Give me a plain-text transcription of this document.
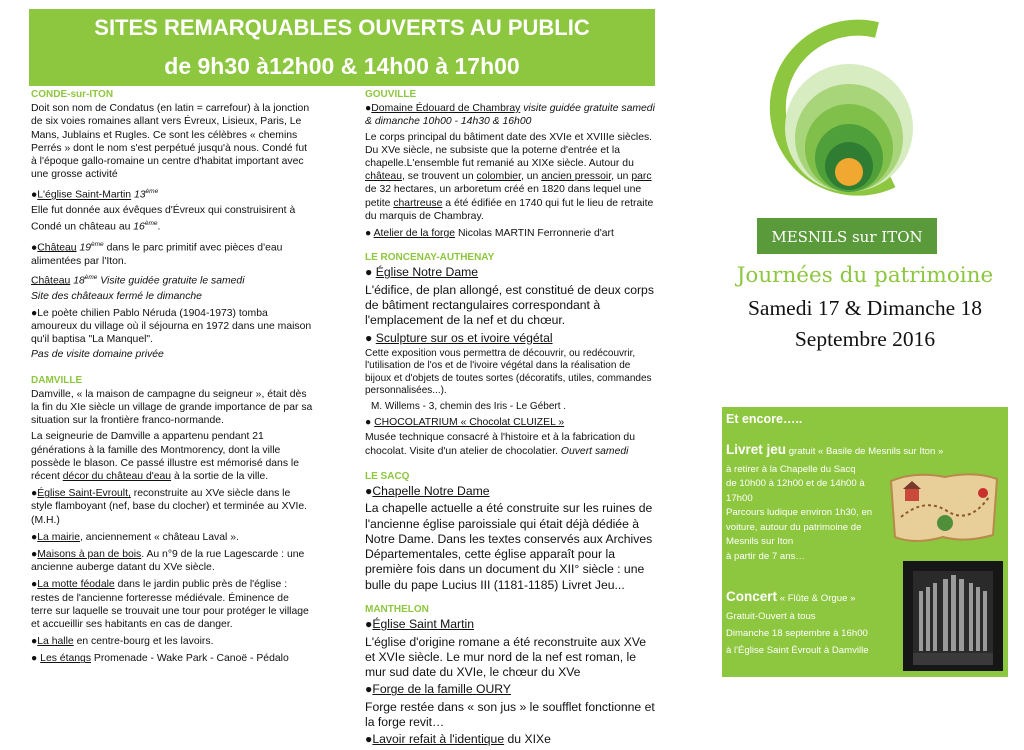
SITES REMARQUABLES OUVERTS AU PUBLIC
de 9h30 à12h00 & 14h00 à 17h00
CONDE-sur-ITON

Doit son nom de Condatus (en latin = carrefour) à la jonction de six voies romaines allant vers Évreux, Lisieux, Paris, Le Mans, Jublains et Rugles. Ce sont les célèbres « chemins Perrés » dont le nom s'est perpétué jusqu'à nous. Condé fut à l'époque gallo-romaine un centre d'habitat important avec une grosse activité

●L'église Saint-Martin 13ème

Elle fut donnée aux évêques d'Évreux qui construisirent à Condé un château au 16ème.

●Château 19ème dans le parc primitif avec pièces d'eau alimentées par l'Iton.

Château 18ème Visite guidée gratuite le samedi

Site des châteaux fermé le dimanche

●Le poète chilien Pablo Néruda (1904-1973) tomba amoureux du village où il séjourna en 1972 dans une maison qu'il baptisa "La Manquel".

Pas de visite domaine privée

DAMVILLE

Damville, « la maison de campagne du seigneur », était dès la fin du XIe siècle un village de grande importance de par sa situation sur la frontière franco-normande.

La seigneurie de Damville a appartenu pendant 21 générations à la famille des Montmorency, dont la ville possède le blason. Ce passé illustre est mémorisé dans le récent décor du château d'eau à la sortie de la ville.

●Église Saint-Evroult, reconstruite au XVe siècle dans le style flamboyant (nef, base du clocher) et terminée au XVIe. (M.H.)

●La mairie, anciennement « château Laval ».

●Maisons à pan de bois. Au n°9 de la rue Lagescarde : une ancienne auberge datant du XVe siècle.

●La motte féodale dans le jardin public près de l'église : restes de l'ancienne forteresse médiévale. Éminence de terre sur laquelle se trouvait une tour pour protéger le village et accueillir ses habitants en cas de danger.

●La halle en centre-bourg et les lavoirs.

● Les étangs Promenade - Wake Park - Canoë - Pédalo

GOUVILLE

●Domaine Édouard de Chambray visite guidée gratuite samedi & dimanche 10h00 - 14h30 & 16h00

Le corps principal du bâtiment date des XVIe et XVIIIe siècles. Du XVe siècle, ne subsiste que la poterne d'entrée et la chapelle.L'ensemble fut remanié au XIXe siècle. Autour du château, se trouvent un colombier, un ancien pressoir, un parc de 32 hectares, un arboretum créé en 1820 dans lequel une petite chartreuse a été édifiée en 1740 qui fut le lieu de retraite du marquis de Chambray.

● Atelier de la forge Nicolas MARTIN Ferronnerie d'art

LE RONCENAY-AUTHENAY

● Église Notre Dame

L'édifice, de plan allongé, est constitué de deux corps de bâtiment rectangulaires correspondant à l'emplacement de la nef et du chœur.

● Sculpture sur os et ivoire végétal

Cette exposition vous permettra de découvrir, ou redécouvrir, l'utilisation de l'os et de l'ivoire végétal dans la réalisation de bijoux et d'objets de toutes sortes (décoratifs, utiles, commandes personnalisées...).

M. Willems - 3, chemin des Iris - Le Gébert .

● CHOCOLATRIUM « Chocolat CLUIZEL »

Musée technique consacré à l'histoire et à la fabrication du chocolat. Visite d'un atelier de chocolatier. Ouvert samedi

LE SACQ

●Chapelle Notre Dame

La chapelle actuelle a été construite sur les ruines de l'ancienne église paroissiale qui était déjà dédiée à Notre Dame. Dans les textes conservés aux Archives Départementales, cette église apparaît pour la première fois dans un document du XII° siècle : une bulle du pape Lucius III (1181-1185) Livret Jeu...

MANTHELON

●Église Saint Martin

L'église d'origine romane a été reconstruite aux XVe et XVIe siècle. Le mur nord de la nef est roman, le mur sud date du XVIe, le chœur du XVe

●Forge de la famille OURY

Forge restée dans « son jus » le soufflet fonctionne et la forge revit…

●Lavoir refait à l'identique du XIXe

MESNILS sur ITON
Journées du patrimoine
Samedi 17 & Dimanche 18
Septembre 2016
Et encore…..
Livret jeu gratuit « Basile de Mesnils sur Iton »
à retirer à la Chapelle du Sacq
de 10h00 à 12h00 et de 14h00 à 17h00
Parcours ludique environ 1h30, en voiture, autour du patrimoine de Mesnils sur Iton
à partir de 7 ans…
Concert « Flûte & Orgue »
Gratuit-Ouvert à tous
Dimanche 18 septembre à 16h00
à l'Église Saint Évroult à Damville
